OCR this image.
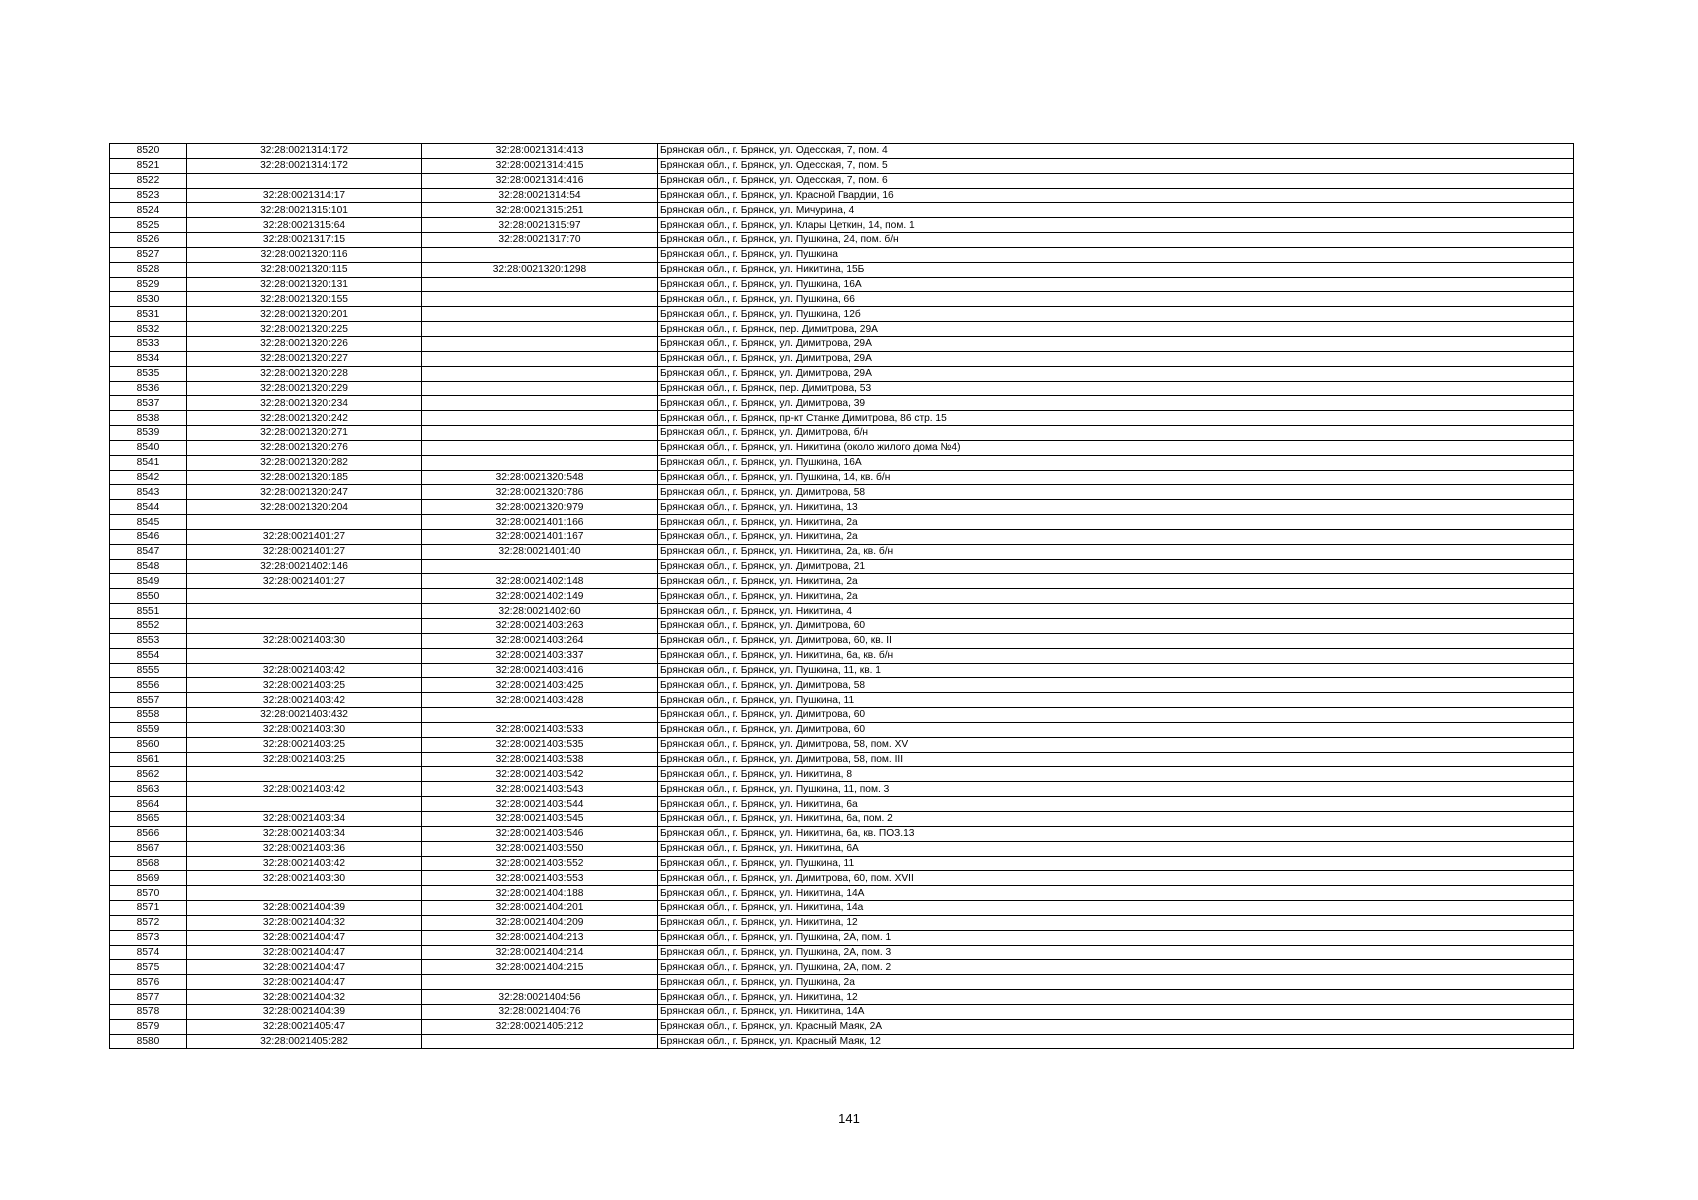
8520	32:28:0021314:172	32:28:0021314:413	Брянская обл., г. Брянск, ул. Одесская, 7, пом. 4
8521	32:28:0021314:172	32:28:0021314:415	Брянская обл., г. Брянск, ул. Одесская, 7, пом. 5
8522		32:28:0021314:416	Брянская обл., г. Брянск, ул. Одесская, 7, пом. 6
8523	32:28:0021314:17	32:28:0021314:54	Брянская обл., г. Брянск, ул. Красной Гвардии, 16
8524	32:28:0021315:101	32:28:0021315:251	Брянская обл., г. Брянск, ул. Мичурина, 4
8525	32:28:0021315:64	32:28:0021315:97	Брянская обл., г. Брянск, ул. Клары Цеткин, 14, пом. 1
8526	32:28:0021317:15	32:28:0021317:70	Брянская обл., г. Брянск, ул. Пушкина, 24, пом. б/н
8527	32:28:0021320:116		Брянская обл., г. Брянск, ул. Пушкина
8528	32:28:0021320:115	32:28:0021320:1298	Брянская обл., г. Брянск, ул. Никитина, 15Б
8529	32:28:0021320:131		Брянская обл., г. Брянск, ул. Пушкина, 16А
8530	32:28:0021320:155		Брянская обл., г. Брянск, ул. Пушкина, 66
8531	32:28:0021320:201		Брянская обл., г. Брянск, ул. Пушкина, 12б
8532	32:28:0021320:225		Брянская обл., г. Брянск, пер. Димитрова, 29А
8533	32:28:0021320:226		Брянская обл., г. Брянск, ул. Димитрова, 29А
8534	32:28:0021320:227		Брянская обл., г. Брянск, ул. Димитрова, 29А
8535	32:28:0021320:228		Брянская обл., г. Брянск, ул. Димитрова, 29А
8536	32:28:0021320:229		Брянская обл., г. Брянск, пер. Димитрова, 53
8537	32:28:0021320:234		Брянская обл., г. Брянск, ул. Димитрова, 39
8538	32:28:0021320:242		Брянская обл., г. Брянск, пр-кт Станке Димитрова, 86 стр. 15
8539	32:28:0021320:271		Брянская обл., г. Брянск, ул. Димитрова, б/н
8540	32:28:0021320:276		Брянская обл., г. Брянск, ул. Никитина (около жилого дома №4)
8541	32:28:0021320:282		Брянская обл., г. Брянск, ул. Пушкина, 16А
8542	32:28:0021320:185	32:28:0021320:548	Брянская обл., г. Брянск, ул. Пушкина, 14, кв. б/н
8543	32:28:0021320:247	32:28:0021320:786	Брянская обл., г. Брянск, ул. Димитрова, 58
8544	32:28:0021320:204	32:28:0021320:979	Брянская обл., г. Брянск, ул. Никитина, 13
8545		32:28:0021401:166	Брянская обл., г. Брянск, ул. Никитина, 2а
8546	32:28:0021401:27	32:28:0021401:167	Брянская обл., г. Брянск, ул. Никитина, 2а
8547	32:28:0021401:27	32:28:0021401:40	Брянская обл., г. Брянск, ул. Никитина, 2а, кв. б/н
8548	32:28:0021402:146		Брянская обл., г. Брянск, ул. Димитрова, 21
8549	32:28:0021401:27	32:28:0021402:148	Брянская обл., г. Брянск, ул. Никитина, 2а
8550		32:28:0021402:149	Брянская обл., г. Брянск, ул. Никитина, 2а
8551		32:28:0021402:60	Брянская обл., г. Брянск, ул. Никитина, 4
8552		32:28:0021403:263	Брянская обл., г. Брянск, ул. Димитрова, 60
8553	32:28:0021403:30	32:28:0021403:264	Брянская обл., г. Брянск, ул. Димитрова, 60, кв. II
8554		32:28:0021403:337	Брянская обл., г. Брянск, ул. Никитина, 6а, кв. б/н
8555	32:28:0021403:42	32:28:0021403:416	Брянская обл., г. Брянск, ул. Пушкина, 11, кв. 1
8556	32:28:0021403:25	32:28:0021403:425	Брянская обл., г. Брянск, ул. Димитрова, 58
8557	32:28:0021403:42	32:28:0021403:428	Брянская обл., г. Брянск, ул. Пушкина, 11
8558	32:28:0021403:432		Брянская обл., г. Брянск, ул. Димитрова, 60
8559	32:28:0021403:30	32:28:0021403:533	Брянская обл., г. Брянск, ул. Димитрова, 60
8560	32:28:0021403:25	32:28:0021403:535	Брянская обл., г. Брянск, ул. Димитрова, 58, пом. XV
8561	32:28:0021403:25	32:28:0021403:538	Брянская обл., г. Брянск, ул. Димитрова, 58, пом. III
8562		32:28:0021403:542	Брянская обл., г. Брянск, ул. Никитина, 8
8563	32:28:0021403:42	32:28:0021403:543	Брянская обл., г. Брянск, ул. Пушкина, 11, пом. 3
8564		32:28:0021403:544	Брянская обл., г. Брянск, ул. Никитина, 6а
8565	32:28:0021403:34	32:28:0021403:545	Брянская обл., г. Брянск, ул. Никитина, 6а, пом. 2
8566	32:28:0021403:34	32:28:0021403:546	Брянская обл., г. Брянск, ул. Никитина, 6а, кв. ПОЗ.13
8567	32:28:0021403:36	32:28:0021403:550	Брянская обл., г. Брянск, ул. Никитина, 6А
8568	32:28:0021403:42	32:28:0021403:552	Брянская обл., г. Брянск, ул. Пушкина, 11
8569	32:28:0021403:30	32:28:0021403:553	Брянская обл., г. Брянск, ул. Димитрова, 60, пом. XVII
8570		32:28:0021404:188	Брянская обл., г. Брянск, ул. Никитина, 14А
8571	32:28:0021404:39	32:28:0021404:201	Брянская обл., г. Брянск, ул. Никитина, 14а
8572	32:28:0021404:32	32:28:0021404:209	Брянская обл., г. Брянск, ул. Никитина, 12
8573	32:28:0021404:47	32:28:0021404:213	Брянская обл., г. Брянск, ул. Пушкина, 2А, пом. 1
8574	32:28:0021404:47	32:28:0021404:214	Брянская обл., г. Брянск, ул. Пушкина, 2А, пом. 3
8575	32:28:0021404:47	32:28:0021404:215	Брянская обл., г. Брянск, ул. Пушкина, 2А, пом. 2
8576	32:28:0021404:47		Брянская обл., г. Брянск, ул. Пушкина, 2а
8577	32:28:0021404:32	32:28:0021404:56	Брянская обл., г. Брянск, ул. Никитина, 12
8578	32:28:0021404:39	32:28:0021404:76	Брянская обл., г. Брянск, ул. Никитина, 14А
8579	32:28:0021405:47	32:28:0021405:212	Брянская обл., г. Брянск, ул. Красный Маяк, 2А
8580	32:28:0021405:282		Брянская обл., г. Брянск, ул. Красный Маяк, 12
141
